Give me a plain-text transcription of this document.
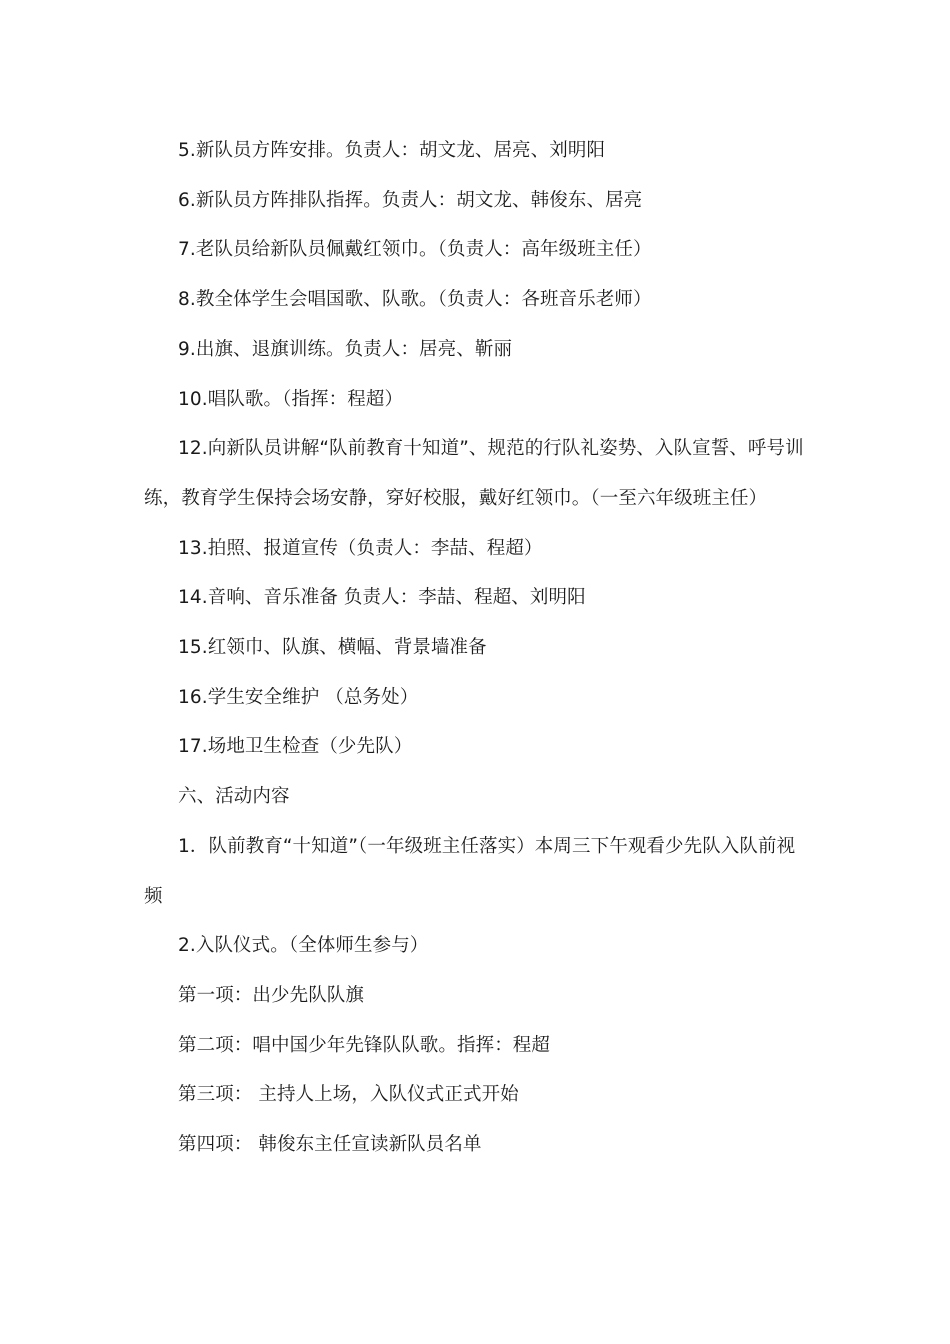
5.新队员方阵安排。负责人：胡文龙、居亮、刘明阳

6.新队员方阵排队指挥。负责人：胡文龙、韩俊东、居亮

7.老队员给新队员佩戴红领巾。（负责人：高年级班主任）

8.教全体学生会唱国歌、队歌。（负责人：各班音乐老师）

9.出旗、退旗训练。负责人：居亮、靳丽

10.唱队歌。（指挥：程超）

12.向新队员讲解“队前教育十知道”、规范的行队礼姿势、入队宣誓、呼号训练，教育学生保持会场安静，穿好校服，戴好红领巾。（一至六年级班主任）

13.拍照、报道宣传（负责人：李喆、程超）

14.音响、音乐准备 负责人：李喆、程超、刘明阳

15.红领巾、队旗、横幅、背景墙准备

16.学生安全维护 （总务处）

17.场地卫生检查（少先队）

六、活动内容

1．队前教育“十知道”（一年级班主任落实）本周三下午观看少先队入队前视频

2.入队仪式。（全体师生参与）

第一项：出少先队队旗

第二项：唱中国少年先锋队队歌。指挥：程超

第三项： 主持人上场，入队仪式正式开始

第四项： 韩俊东主任宣读新队员名单
